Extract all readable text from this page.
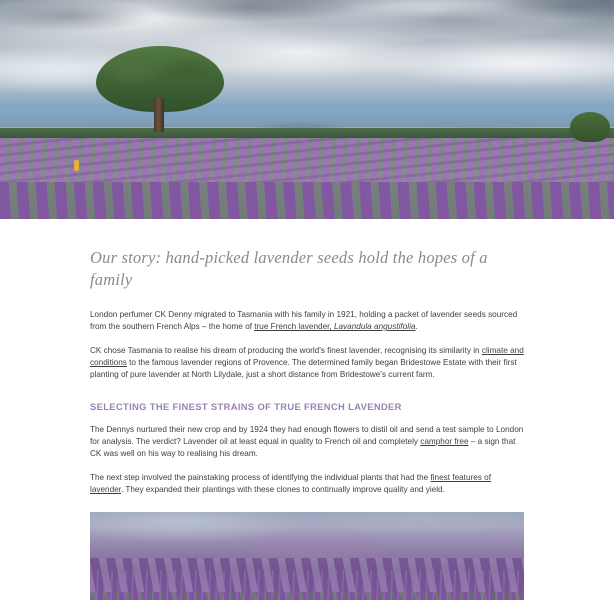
Our story: hand-picked lavender seeds hold the hopes of a family

London perfumer CK Denny migrated to Tasmania with his family in 1921, holding a packet of lavender seeds sourced from the southern French Alps – the home of true French lavender, Lavandula angustifolia.

CK chose Tasmania to realise his dream of producing the world's finest lavender, recognising its similarity in climate and conditions to the famous lavender regions of Provence. The determined family began Bridestowe Estate with their first planting of pure lavender at North Lilydale, just a short distance from Bridestowe's current farm.

SELECTING THE FINEST STRAINS OF TRUE FRENCH LAVENDER

The Dennys nurtured their new crop and by 1924 they had enough flowers to distil oil and send a test sample to London for analysis. The verdict? Lavender oil at least equal in quality to French oil and completely camphor free – a sign that CK was well on his way to realising his dream.

The next step involved the painstaking process of identifying the individual plants that had the finest features of lavender. They expanded their plantings with these clones to continually improve quality and yield.
